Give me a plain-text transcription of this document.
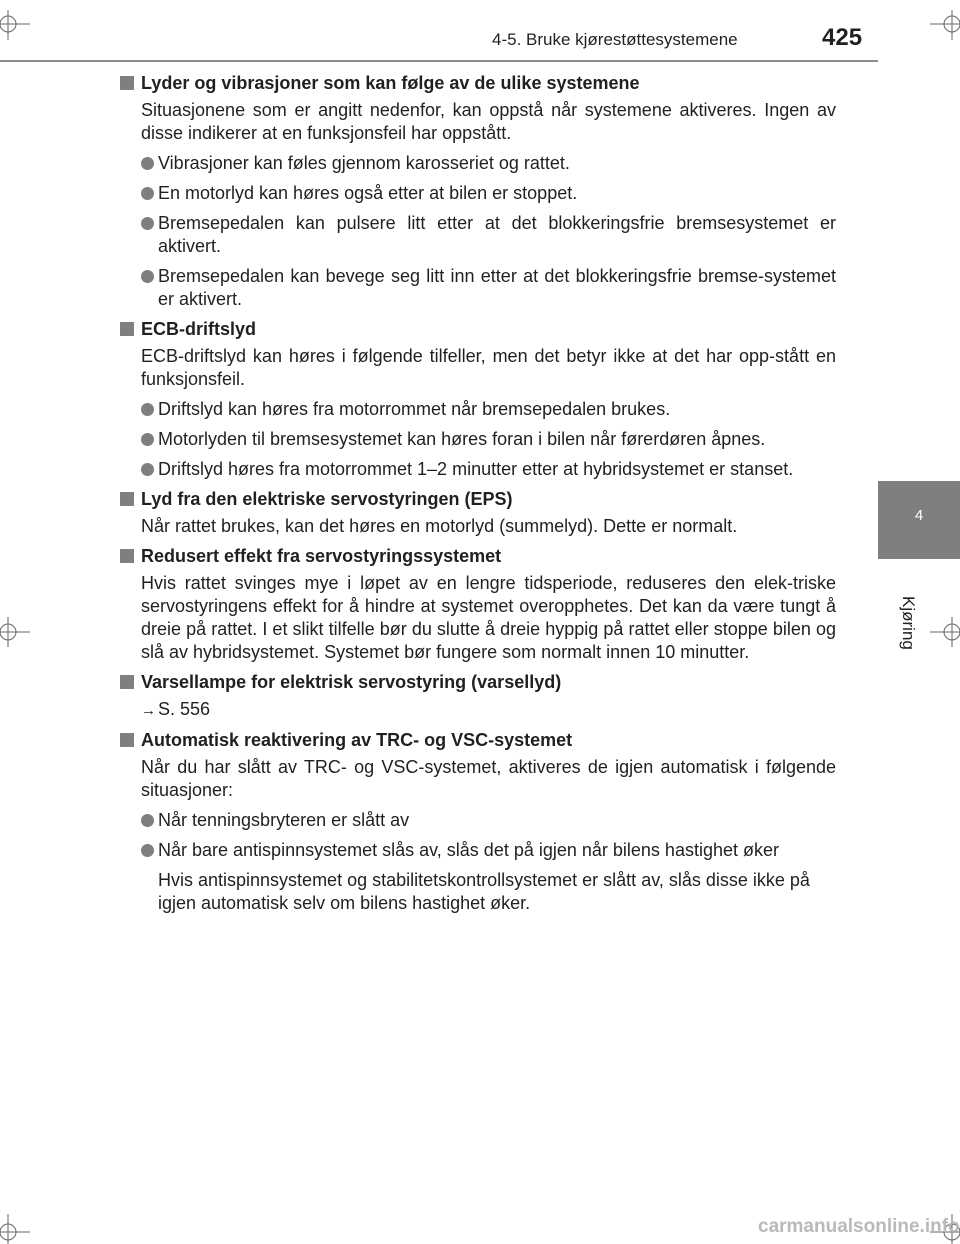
4-5. Bruke kjørestøttesystemene	425
4
Kjøring
Lyder og vibrasjoner som kan følge av de ulike systemene
Situasjonene som er angitt nedenfor, kan oppstå når systemene aktiveres. Ingen av disse indikerer at en funksjonsfeil har oppstått.
Vibrasjoner kan føles gjennom karosseriet og rattet.
En motorlyd kan høres også etter at bilen er stoppet.
Bremsepedalen kan pulsere litt etter at det blokkeringsfrie bremsesystemet er aktivert.
Bremsepedalen kan bevege seg litt inn etter at det blokkeringsfrie bremse-systemet er aktivert.
ECB-driftslyd
ECB-driftslyd kan høres i følgende tilfeller, men det betyr ikke at det har opp-stått en funksjonsfeil.
Driftslyd kan høres fra motorrommet når bremsepedalen brukes.
Motorlyden til bremsesystemet kan høres foran i bilen når førerdøren åpnes.
Driftslyd høres fra motorrommet 1–2 minutter etter at hybridsystemet er stanset.
Lyd fra den elektriske servostyringen (EPS)
Når rattet brukes, kan det høres en motorlyd (summelyd). Dette er normalt.
Redusert effekt fra servostyringssystemet
Hvis rattet svinges mye i løpet av en lengre tidsperiode, reduseres den elek-triske servostyringens effekt for å hindre at systemet overopphetes. Det kan da være tungt å dreie på rattet. I et slikt tilfelle bør du slutte å dreie hyppig på rattet eller stoppe bilen og slå av hybridsystemet. Systemet bør fungere som normalt innen 10 minutter.
Varsellampe for elektrisk servostyring (varsellyd)
→ S. 556
Automatisk reaktivering av TRC- og VSC-systemet
Når du har slått av TRC- og VSC-systemet, aktiveres de igjen automatisk i følgende situasjoner:
Når tenningsbryteren er slått av
Når bare antispinnsystemet slås av, slås det på igjen når bilens hastighet øker
Hvis antispinnsystemet og stabilitetskontrollsystemet er slått av, slås disse ikke på igjen automatisk selv om bilens hastighet øker.
carmanualsonline.info
